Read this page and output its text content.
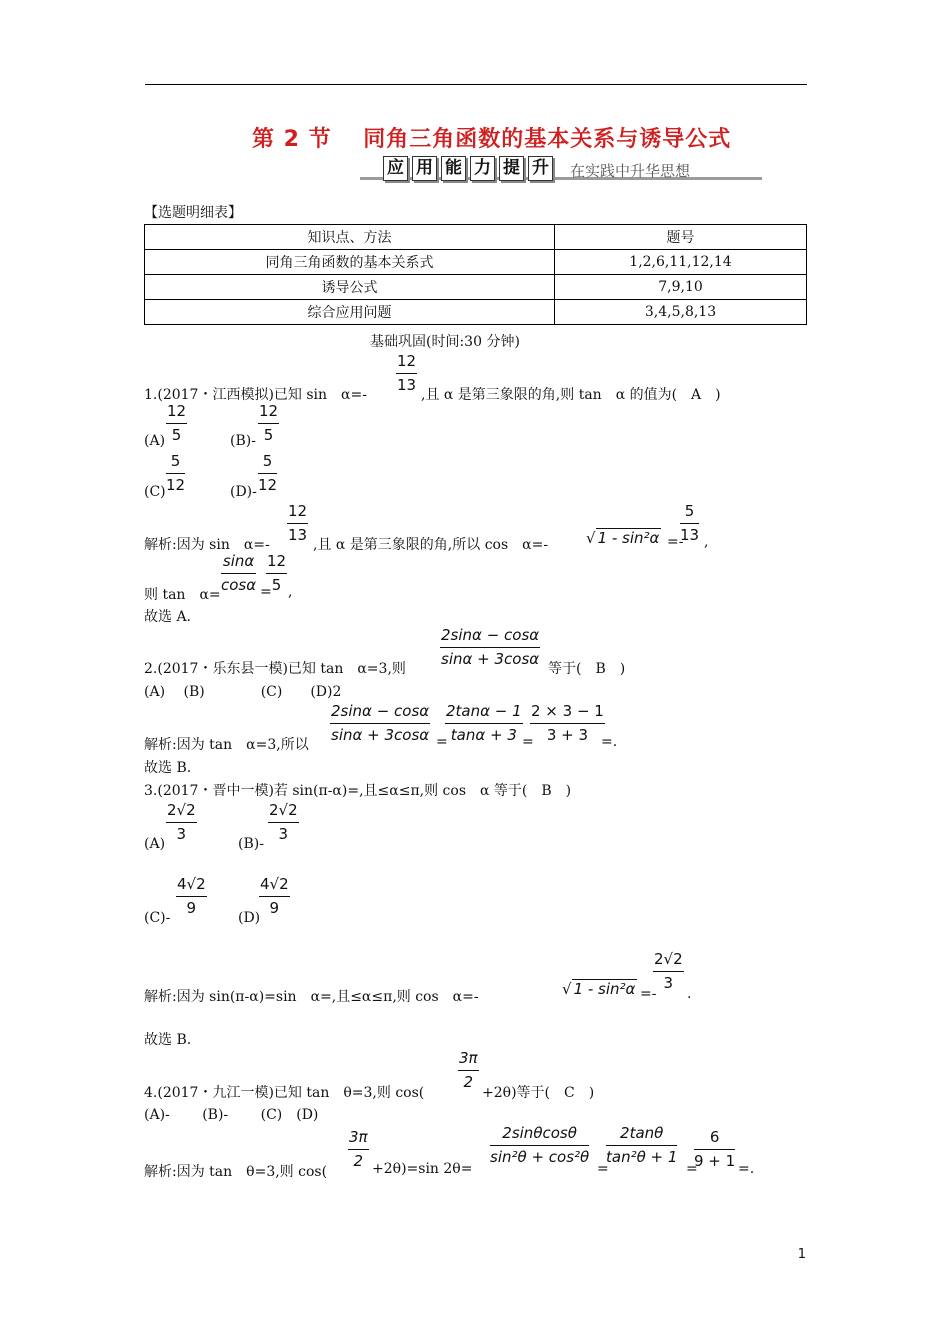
第 2 节　 同角三角函数的基本关系与诱导公式
应 用 能 力 提 升 在实践中升华思想
【选题明细表】
知识点、方法	题号
同角三角函数的基本关系式	1,2,6,11,12,14
诱导公式	7,9,10
综合应用问题	3,4,5,8,13
基础巩固(时间:30 分钟)
1.(2017・江西模拟)已知 sin　α=-
$\frac{12}{13}$
,且 α 是第三象限的角,则 tan　α 的值为(　A　)
$(A) \frac{12}{5}$	$(B)- \frac{12}{5}$
$(C) \frac{5}{12}$	$(D)- \frac{5}{12}$
解析:因为 sin　α=-
$\frac{12}{13}$
,且 α 是第三象限的角,所以 cos　α=-	√ 1 - sin²α =-
$\frac{5}{13}$ ,
则 tan　α=
$\frac{\sin\alpha}{\cos\alpha}$ =
$\frac{12}{5}$ ,
故选 A.
2.(2017・乐东县一模)已知 tan　α=3,则
$\frac{2\sin\alpha - \cos\alpha}{\sin\alpha + 3\cos\alpha}$
等于(　B　)
(A)　 (B)　　　　(C)　　(D)2
解析:因为 tan　α=3,所以
$\frac{2\sin\alpha - \cos\alpha}{\sin\alpha + 3\cos\alpha}$ =
$\frac{2\tan\alpha - 1}{\tan\alpha + 3}$ =
$\frac{2 \times 3 - 1}{3 + 3}$
=.
故选 B.
3.(2017・晋中一模)若 sin(π-α)=,且≤α≤π,则 cos　α 等于(　B　)
(A)
$\frac{2√2}{3}$
(B)-
$\frac{2√2}{3}$
(C)-
$\frac{4√2}{9}$
(D)
$\frac{4√2}{9}$
解析:因为 sin(π-α)=sin　α=,且≤α≤π,则 cos　α=-	√ 1 - sin²α =-
$\frac{2√2}{3}$
.
故选 B.
4.(2017・九江一模)已知 tan　θ=3,则 cos(
$\frac{3\pi}{2}$
+2θ)等于(　C　)
(A)-　　 (B)-　　 (C)　(D)
解析:因为 tan　θ=3,则 cos(
$\frac{3\pi}{2} +2\theta)=\sin$ 2θ=
$\frac{2\sin\theta\cos\theta}{\text{sin²θ + cos²θ}}$
=
$\frac{2\tan\theta}{\text{tan²θ + 1}}$
=
$\frac{6}{9 + 1}$ =.
1
